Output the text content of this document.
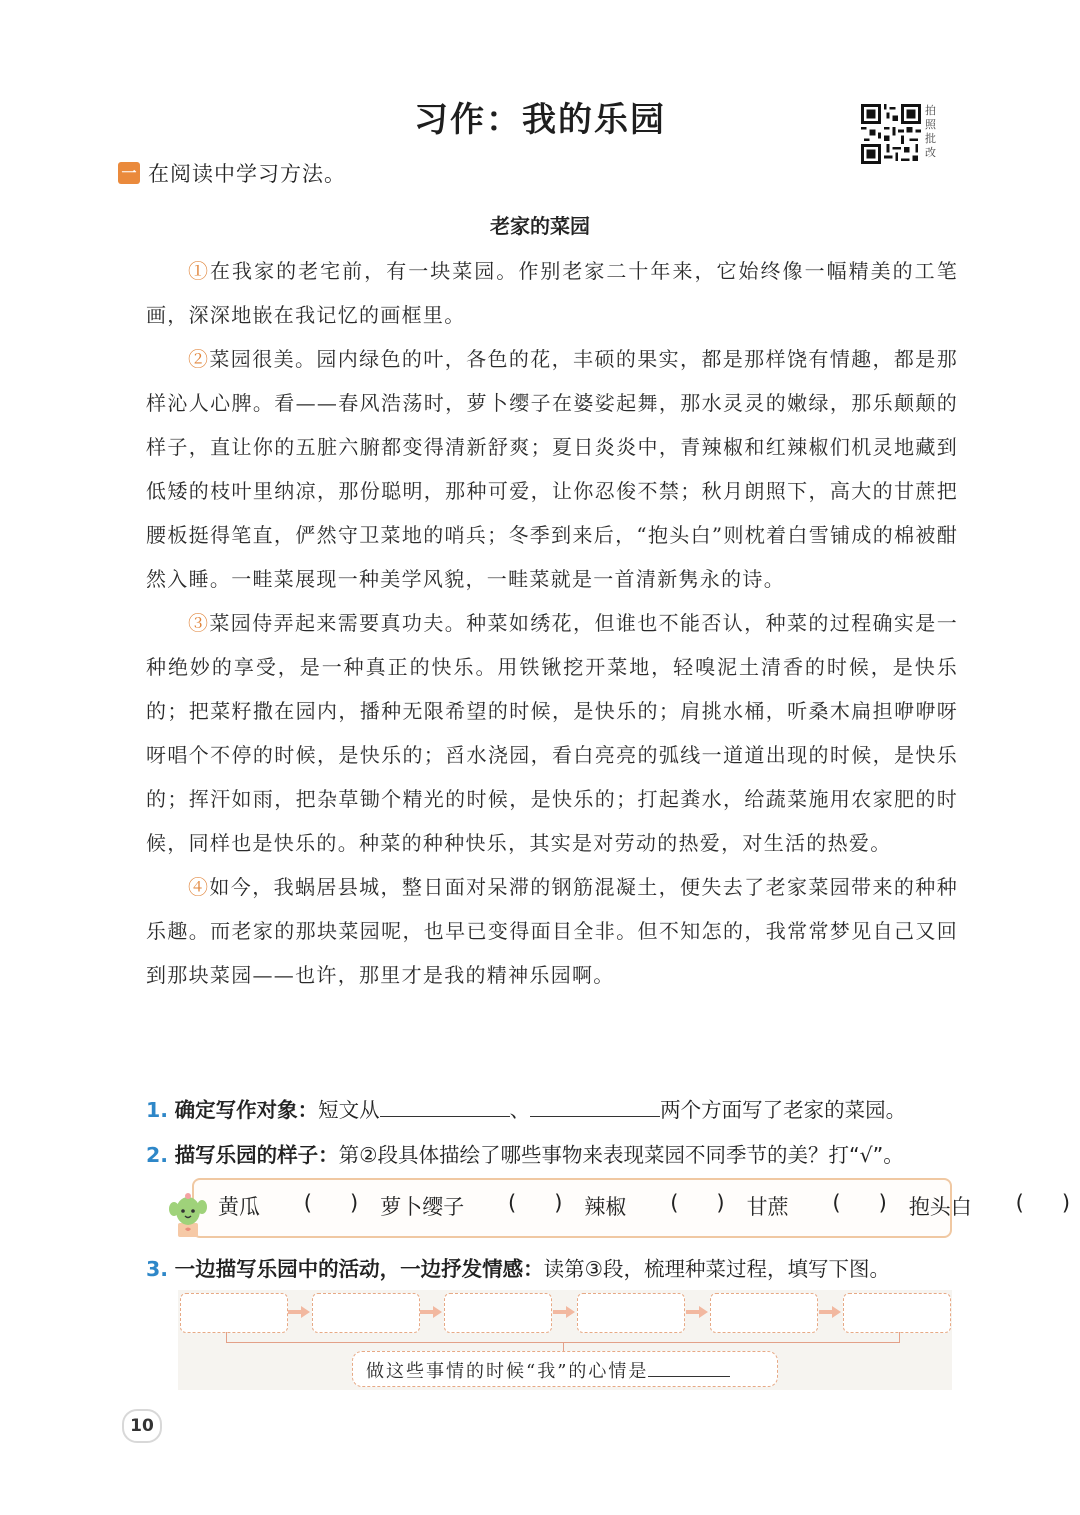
习作：我的乐园	拍照批改
一 在阅读中学习方法。
老家的菜园

①在我家的老宅前，有一块菜园。作别老家二十年来，它始终像一幅精美的工笔画，深深地嵌在我记忆的画框里。

②菜园很美。园内绿色的叶，各色的花，丰硕的果实，都是那样饶有情趣，都是那样沁人心脾。看——春风浩荡时，萝卜缨子在婆娑起舞，那水灵灵的嫩绿，那乐颠颠的样子，直让你的五脏六腑都变得清新舒爽；夏日炎炎中，青辣椒和红辣椒们机灵地藏到低矮的枝叶里纳凉，那份聪明，那种可爱，让你忍俊不禁；秋月朗照下，高大的甘蔗把腰板挺得笔直，俨然守卫菜地的哨兵；冬季到来后，“抱头白”则枕着白雪铺成的棉被酣然入睡。一畦菜展现一种美学风貌，一畦菜就是一首清新隽永的诗。

③菜园侍弄起来需要真功夫。种菜如绣花，但谁也不能否认，种菜的过程确实是一种绝妙的享受，是一种真正的快乐。用铁锹挖开菜地，轻嗅泥土清香的时候，是快乐的；把菜籽撒在园内，播种无限希望的时候，是快乐的；肩挑水桶，听桑木扁担咿咿呀呀唱个不停的时候，是快乐的；舀水浇园，看白亮亮的弧线一道道出现的时候，是快乐的；挥汗如雨，把杂草锄个精光的时候，是快乐的；打起粪水，给蔬菜施用农家肥的时候，同样也是快乐的。种菜的种种快乐，其实是对劳动的热爱，对生活的热爱。

④如今，我蜗居县城，整日面对呆滞的钢筋混凝土，便失去了老家菜园带来的种种乐趣。而老家的那块菜园呢，也早已变得面目全非。但不知怎的，我常常梦见自己又回到那块菜园——也许，那里才是我的精神乐园啊。

1. 确定写作对象：短文从	、	两个方面写了老家的菜园。
2. 描写乐园的样子：第②段具体描绘了哪些事物来表现菜园不同季节的美？打“√”。
黄瓜	( ) 萝卜缨子	( ) 辣椒	( ) 甘蔗	( ) 抱头白	( )
3. 一边描写乐园中的活动，一边抒发情感：读第③段，梳理种菜过程，填写下图。
做这些事情的时候“我”的心情是
10
